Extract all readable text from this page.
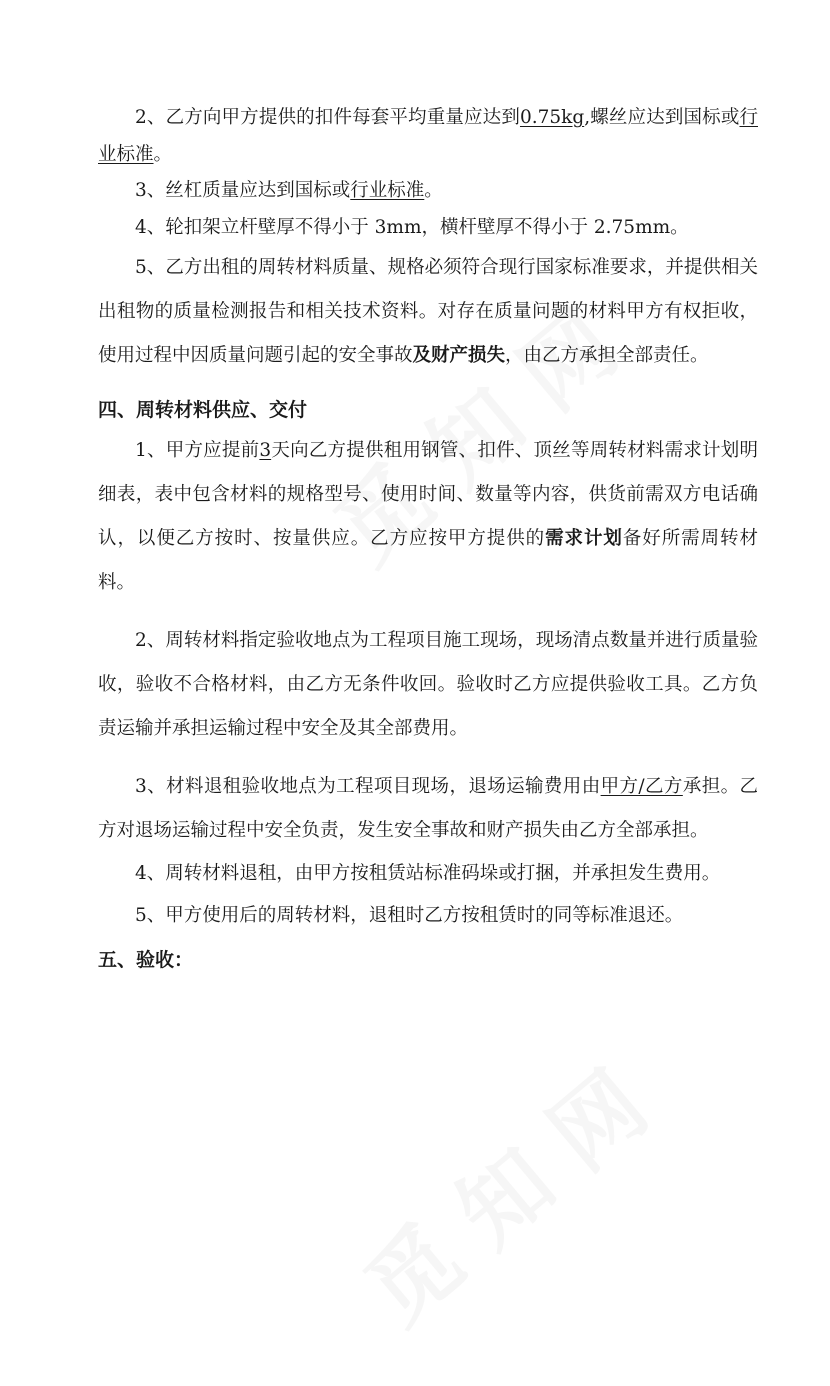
2、乙方向甲方提供的扣件每套平均重量应达到0.75kg,螺丝应达到国标或行业标准。

3、丝杠质量应达到国标或行业标准。

4、轮扣架立杆壁厚不得小于 3mm，横杆壁厚不得小于 2.75mm。

5、乙方出租的周转材料质量、规格必须符合现行国家标准要求，并提供相关出租物的质量检测报告和相关技术资料。对存在质量问题的材料甲方有权拒收，使用过程中因质量问题引起的安全事故及财产损失，由乙方承担全部责任。

四、周转材料供应、交付

1、甲方应提前3天向乙方提供租用钢管、扣件、顶丝等周转材料需求计划明细表，表中包含材料的规格型号、使用时间、数量等内容，供货前需双方电话确认，以便乙方按时、按量供应。乙方应按甲方提供的需求计划备好所需周转材料。

2、周转材料指定验收地点为工程项目施工现场，现场清点数量并进行质量验收，验收不合格材料，由乙方无条件收回。验收时乙方应提供验收工具。乙方负责运输并承担运输过程中安全及其全部费用。

3、材料退租验收地点为工程项目现场，退场运输费用由甲方/乙方承担。乙方对退场运输过程中安全负责，发生安全事故和财产损失由乙方全部承担。

4、周转材料退租，由甲方按租赁站标准码垛或打捆，并承担发生费用。

5、甲方使用后的周转材料，退租时乙方按租赁时的同等标准退还。

五、验收：
